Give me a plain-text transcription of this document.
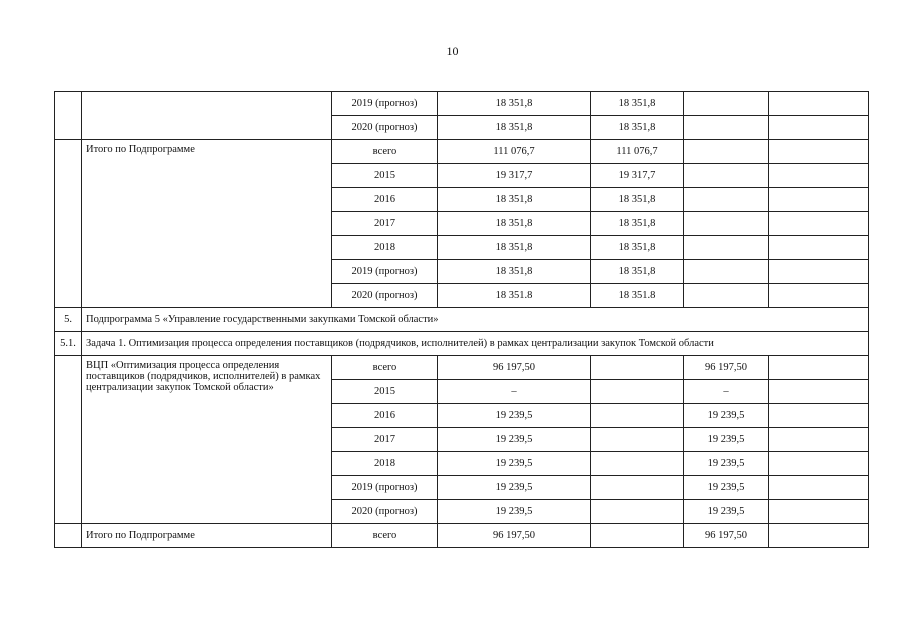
10
		2019 (прогноз)	18 351,8	18 351,8		
		2020 (прогноз)	18 351,8	18 351,8		
	Итого по Подпрограмме	всего	111 076,7	111 076,7		
		2015	19 317,7	19 317,7		
		2016	18 351,8	18 351,8		
		2017	18 351,8	18 351,8		
		2018	18 351,8	18 351,8		
		2019 (прогноз)	18 351,8	18 351,8		
		2020 (прогноз)	18 351.8	18 351.8		
5.	Подпрограмма 5 «Управление государственными закупками Томской области»					
5.1.	Задача 1. Оптимизация процесса определения поставщиков (подрядчиков, исполнителей) в рамках централизации закупок Томской области					
	ВЦП «Оптимизация процесса определения поставщиков (подрядчиков, исполнителей) в рамках централизации закупок Томской области»	всего	96 197,50		96 197,50	
		2015	–		–	
		2016	19 239,5		19 239,5	
		2017	19 239,5		19 239,5	
		2018	19 239,5		19 239,5	
		2019 (прогноз)	19 239,5		19 239,5	
		2020 (прогноз)	19 239,5		19 239,5	
	Итого по Подпрограмме	всего	96 197,50		96 197,50	
